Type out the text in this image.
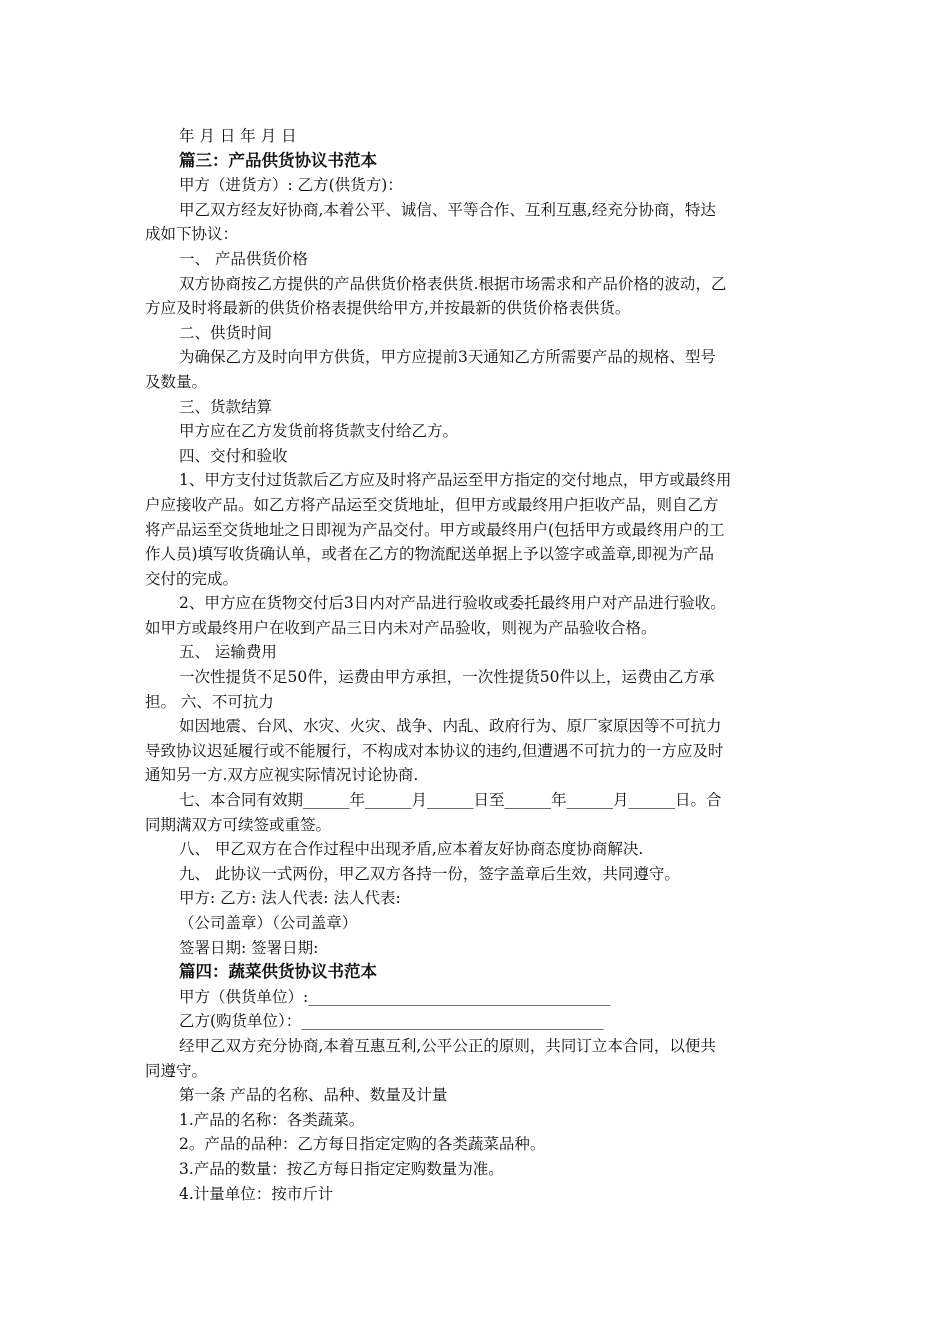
年 月 日 年 月 日
篇三：产品供货协议书范本
甲方（进货方）: 乙方(供货方)：
甲乙双方经友好协商,本着公平、诚信、平等合作、互利互惠,经充分协商，特达
成如下协议：
一、 产品供货价格
双方协商按乙方提供的产品供货价格表供货.根据市场需求和产品价格的波动，乙
方应及时将最新的供货价格表提供给甲方,并按最新的供货价格表供货。
二、供货时间
为确保乙方及时向甲方供货，甲方应提前3天通知乙方所需要产品的规格、型号
及数量。
三、货款结算
甲方应在乙方发货前将货款支付给乙方。
四、交付和验收
1、甲方支付过货款后乙方应及时将产品运至甲方指定的交付地点，甲方或最终用
户应接收产品。如乙方将产品运至交货地址，但甲方或最终用户拒收产品，则自乙方
将产品运至交货地址之日即视为产品交付。甲方或最终用户(包括甲方或最终用户的工
作人员)填写收货确认单，或者在乙方的物流配送单据上予以签字或盖章,即视为产品
交付的完成。
2、甲方应在货物交付后3日内对产品进行验收或委托最终用户对产品进行验收。
如甲方或最终用户在收到产品三日内未对产品验收，则视为产品验收合格。
五、 运输费用
一次性提货不足50件，运费由甲方承担，一次性提货50件以上，运费由乙方承
担。 六、不可抗力
如因地震、台风、水灾、火灾、战争、内乱、政府行为、原厂家原因等不可抗力
导致协议迟延履行或不能履行，不构成对本协议的违约,但遭遇不可抗力的一方应及时
通知另一方.双方应视实际情况讨论协商.
七、本合同有效期______年______月______日至______年______月______日。合
同期满双方可续签或重签。
八、 甲乙双方在合作过程中出现矛盾,应本着友好协商态度协商解决.
九、 此协议一式两份，甲乙双方各持一份，签字盖章后生效，共同遵守。
甲方: 乙方: 法人代表: 法人代表:
（公司盖章）（公司盖章）
签署日期: 签署日期:
篇四：蔬菜供货协议书范本
甲方（供货单位）:_______________________________________
乙方(购货单位）：_______________________________________
经甲乙双方充分协商,本着互惠互利,公平公正的原则，共同订立本合同，以便共
同遵守。
第一条 产品的名称、品种、数量及计量
1.产品的名称：各类蔬菜。
2。产品的品种：乙方每日指定定购的各类蔬菜品种。
3.产品的数量：按乙方每日指定定购数量为准。
4.计量单位：按市斤计
